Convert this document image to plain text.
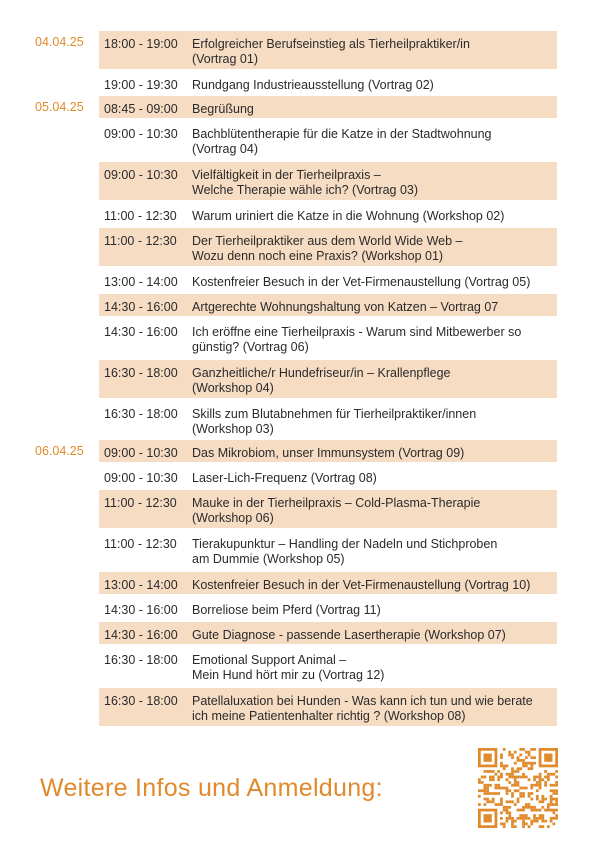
04.04.25	18:00 - 19:00	Erfolgreicher Berufseinstieg als Tierheilpraktiker/in
(Vortrag 01)
19:00 - 19:30	Rundgang Industrieausstellung (Vortrag 02)
05.04.25	08:45 - 09:00	Begrüßung
09:00 - 10:30	Bachblütentherapie für die Katze in der Stadtwohnung
(Vortrag 04)
09:00 - 10:30	Vielfältigkeit in der Tierheilpraxis –
Welche Therapie wähle ich? (Vortrag 03)
11:00 - 12:30	Warum uriniert die Katze in die Wohnung (Workshop 02)
11:00 - 12:30	Der Tierheilpraktiker aus dem World Wide Web –
Wozu denn noch eine Praxis? (Workshop 01)
13:00 - 14:00	Kostenfreier Besuch in der Vet-Firmenaustellung (Vortrag 05)
14:30 - 16:00	Artgerechte Wohnungshaltung von Katzen – Vortrag 07
14:30 - 16:00	Ich eröffne eine Tierheilpraxis - Warum sind Mitbewerber so
günstig? (Vortrag 06)
16:30 - 18:00	Ganzheitliche/r Hundefriseur/in – Krallenpflege
(Workshop 04)
16:30 - 18:00	Skills zum Blutabnehmen für Tierheilpraktiker/innen
(Workshop 03)
06.04.25	09:00 - 10:30	Das Mikrobiom, unser Immunsystem (Vortrag 09)
09:00 - 10:30	Laser-Lich-Frequenz (Vortrag 08)
11:00 - 12:30	Mauke in der Tierheilpraxis – Cold-Plasma-Therapie
(Workshop 06)
11:00 - 12:30	Tierakupunktur – Handling der Nadeln und Stichproben
am Dummie (Workshop 05)
13:00 - 14:00	Kostenfreier Besuch in der Vet-Firmenaustellung (Vortrag 10)
14:30 - 16:00	Borreliose beim Pferd (Vortrag 11)
14:30 - 16:00	Gute Diagnose - passende Lasertherapie (Workshop 07)
16:30 - 18:00	Emotional Support Animal –
Mein Hund hört mir zu (Vortrag 12)
16:30 - 18:00	Patellaluxation bei Hunden - Was kann ich tun und wie berate
ich meine Patientenhalter richtig ? (Workshop 08)
Weitere Infos und Anmeldung:
